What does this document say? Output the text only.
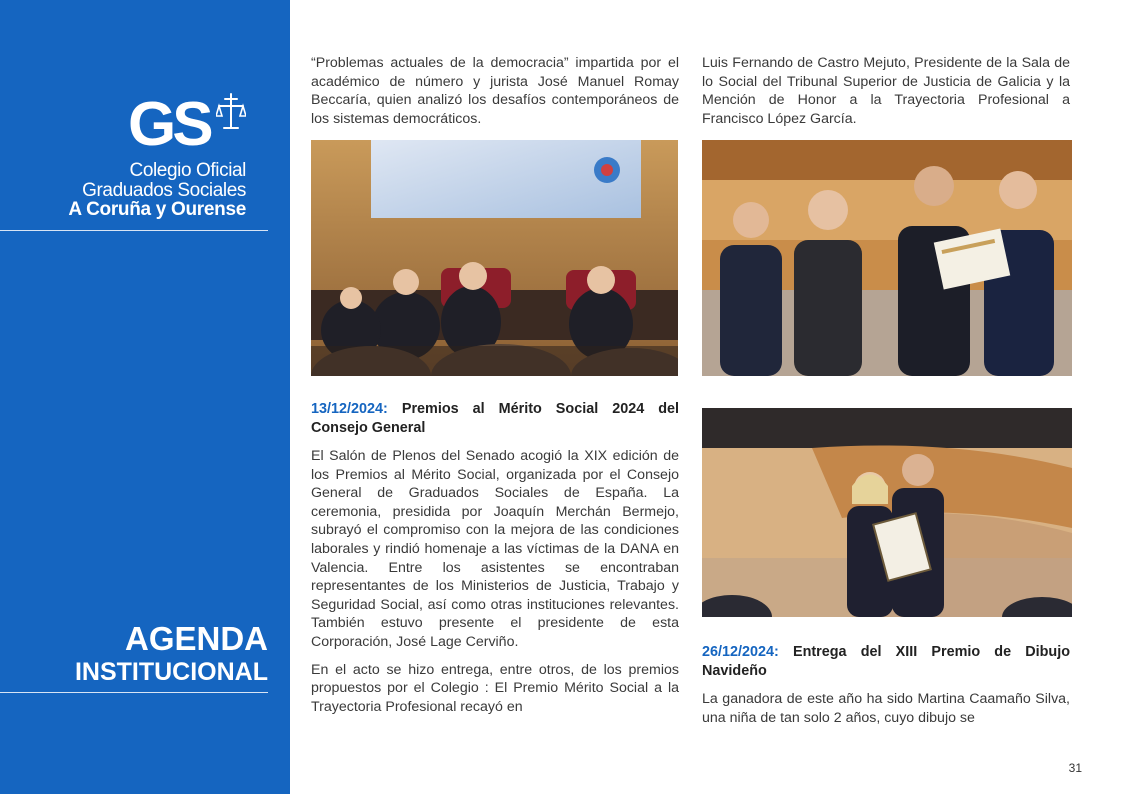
GS
Colegio Oficial
Graduados Sociales
A Coruña y Ourense
AGENDA
INSTITUCIONAL

“Problemas actuales de la democracia” impartida por el académico de número y jurista José Manuel Romay Beccaría, quien analizó los desafíos contemporáneos de los sistemas democráticos.

13/12/2024: Premios al Mérito Social 2024 del Consejo General

El Salón de Plenos del Senado acogió la XIX edición de los Premios al Mérito Social, organizada por el Consejo General de Graduados Sociales de España. La ceremonia, presidida por Joaquín Merchán Bermejo, subrayó el compromiso con la mejora de las condiciones laborales y rindió homenaje a las víctimas de la DANA en Valencia. Entre los asistentes se encontraban representantes de los Ministerios de Justicia, Trabajo y Seguridad Social, así como otras instituciones relevantes. También estuvo presente el presidente de esta Corporación, José Lage Cerviño.

En el acto se hizo entrega, entre otros, de los premios propuestos por el Colegio : El Premio Mérito Social a la Trayectoria Profesional recayó en

Luis Fernando de Castro Mejuto, Presidente de la Sala de lo Social del Tribunal Superior de Justicia de Galicia y la Mención de Honor a la Trayectoria Profesional a Francisco López García.

26/12/2024: Entrega del XIII Premio de Dibujo Navideño

La ganadora de este año ha sido Martina Caamaño Silva, una niña de tan solo 2 años, cuyo dibujo se

31
